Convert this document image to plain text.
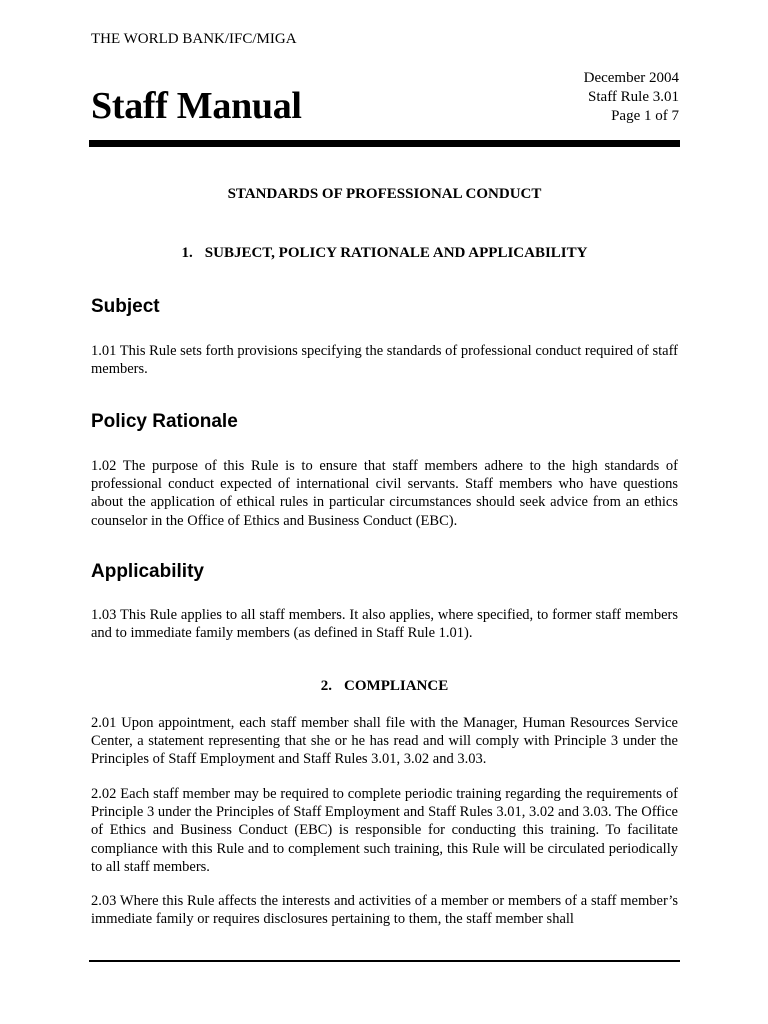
THE WORLD BANK/IFC/MIGA
December 2004
Staff Rule 3.01
Page 1 of 7
Staff Manual
STANDARDS OF PROFESSIONAL CONDUCT
1. SUBJECT, POLICY RATIONALE AND APPLICABILITY
Subject

1.01 This Rule sets forth provisions specifying the standards of professional conduct required of staff members.

Policy Rationale

1.02 The purpose of this Rule is to ensure that staff members adhere to the high standards of professional conduct expected of international civil servants. Staff members who have questions about the application of ethical rules in particular circumstances should seek advice from an ethics counselor in the Office of Ethics and Business Conduct (EBC).

Applicability

1.03 This Rule applies to all staff members. It also applies, where specified, to former staff members and to immediate family members (as defined in Staff Rule 1.01).

2. COMPLIANCE

2.01 Upon appointment, each staff member shall file with the Manager, Human Resources Service Center, a statement representing that she or he has read and will comply with Principle 3 under the Principles of Staff Employment and Staff Rules 3.01, 3.02 and 3.03.

2.02 Each staff member may be required to complete periodic training regarding the requirements of Principle 3 under the Principles of Staff Employment and Staff Rules 3.01, 3.02 and 3.03. The Office of Ethics and Business Conduct (EBC) is responsible for conducting this training. To facilitate compliance with this Rule and to complement such training, this Rule will be circulated periodically to all staff members.

2.03 Where this Rule affects the interests and activities of a member or members of a staff member’s immediate family or requires disclosures pertaining to them, the staff member shall
